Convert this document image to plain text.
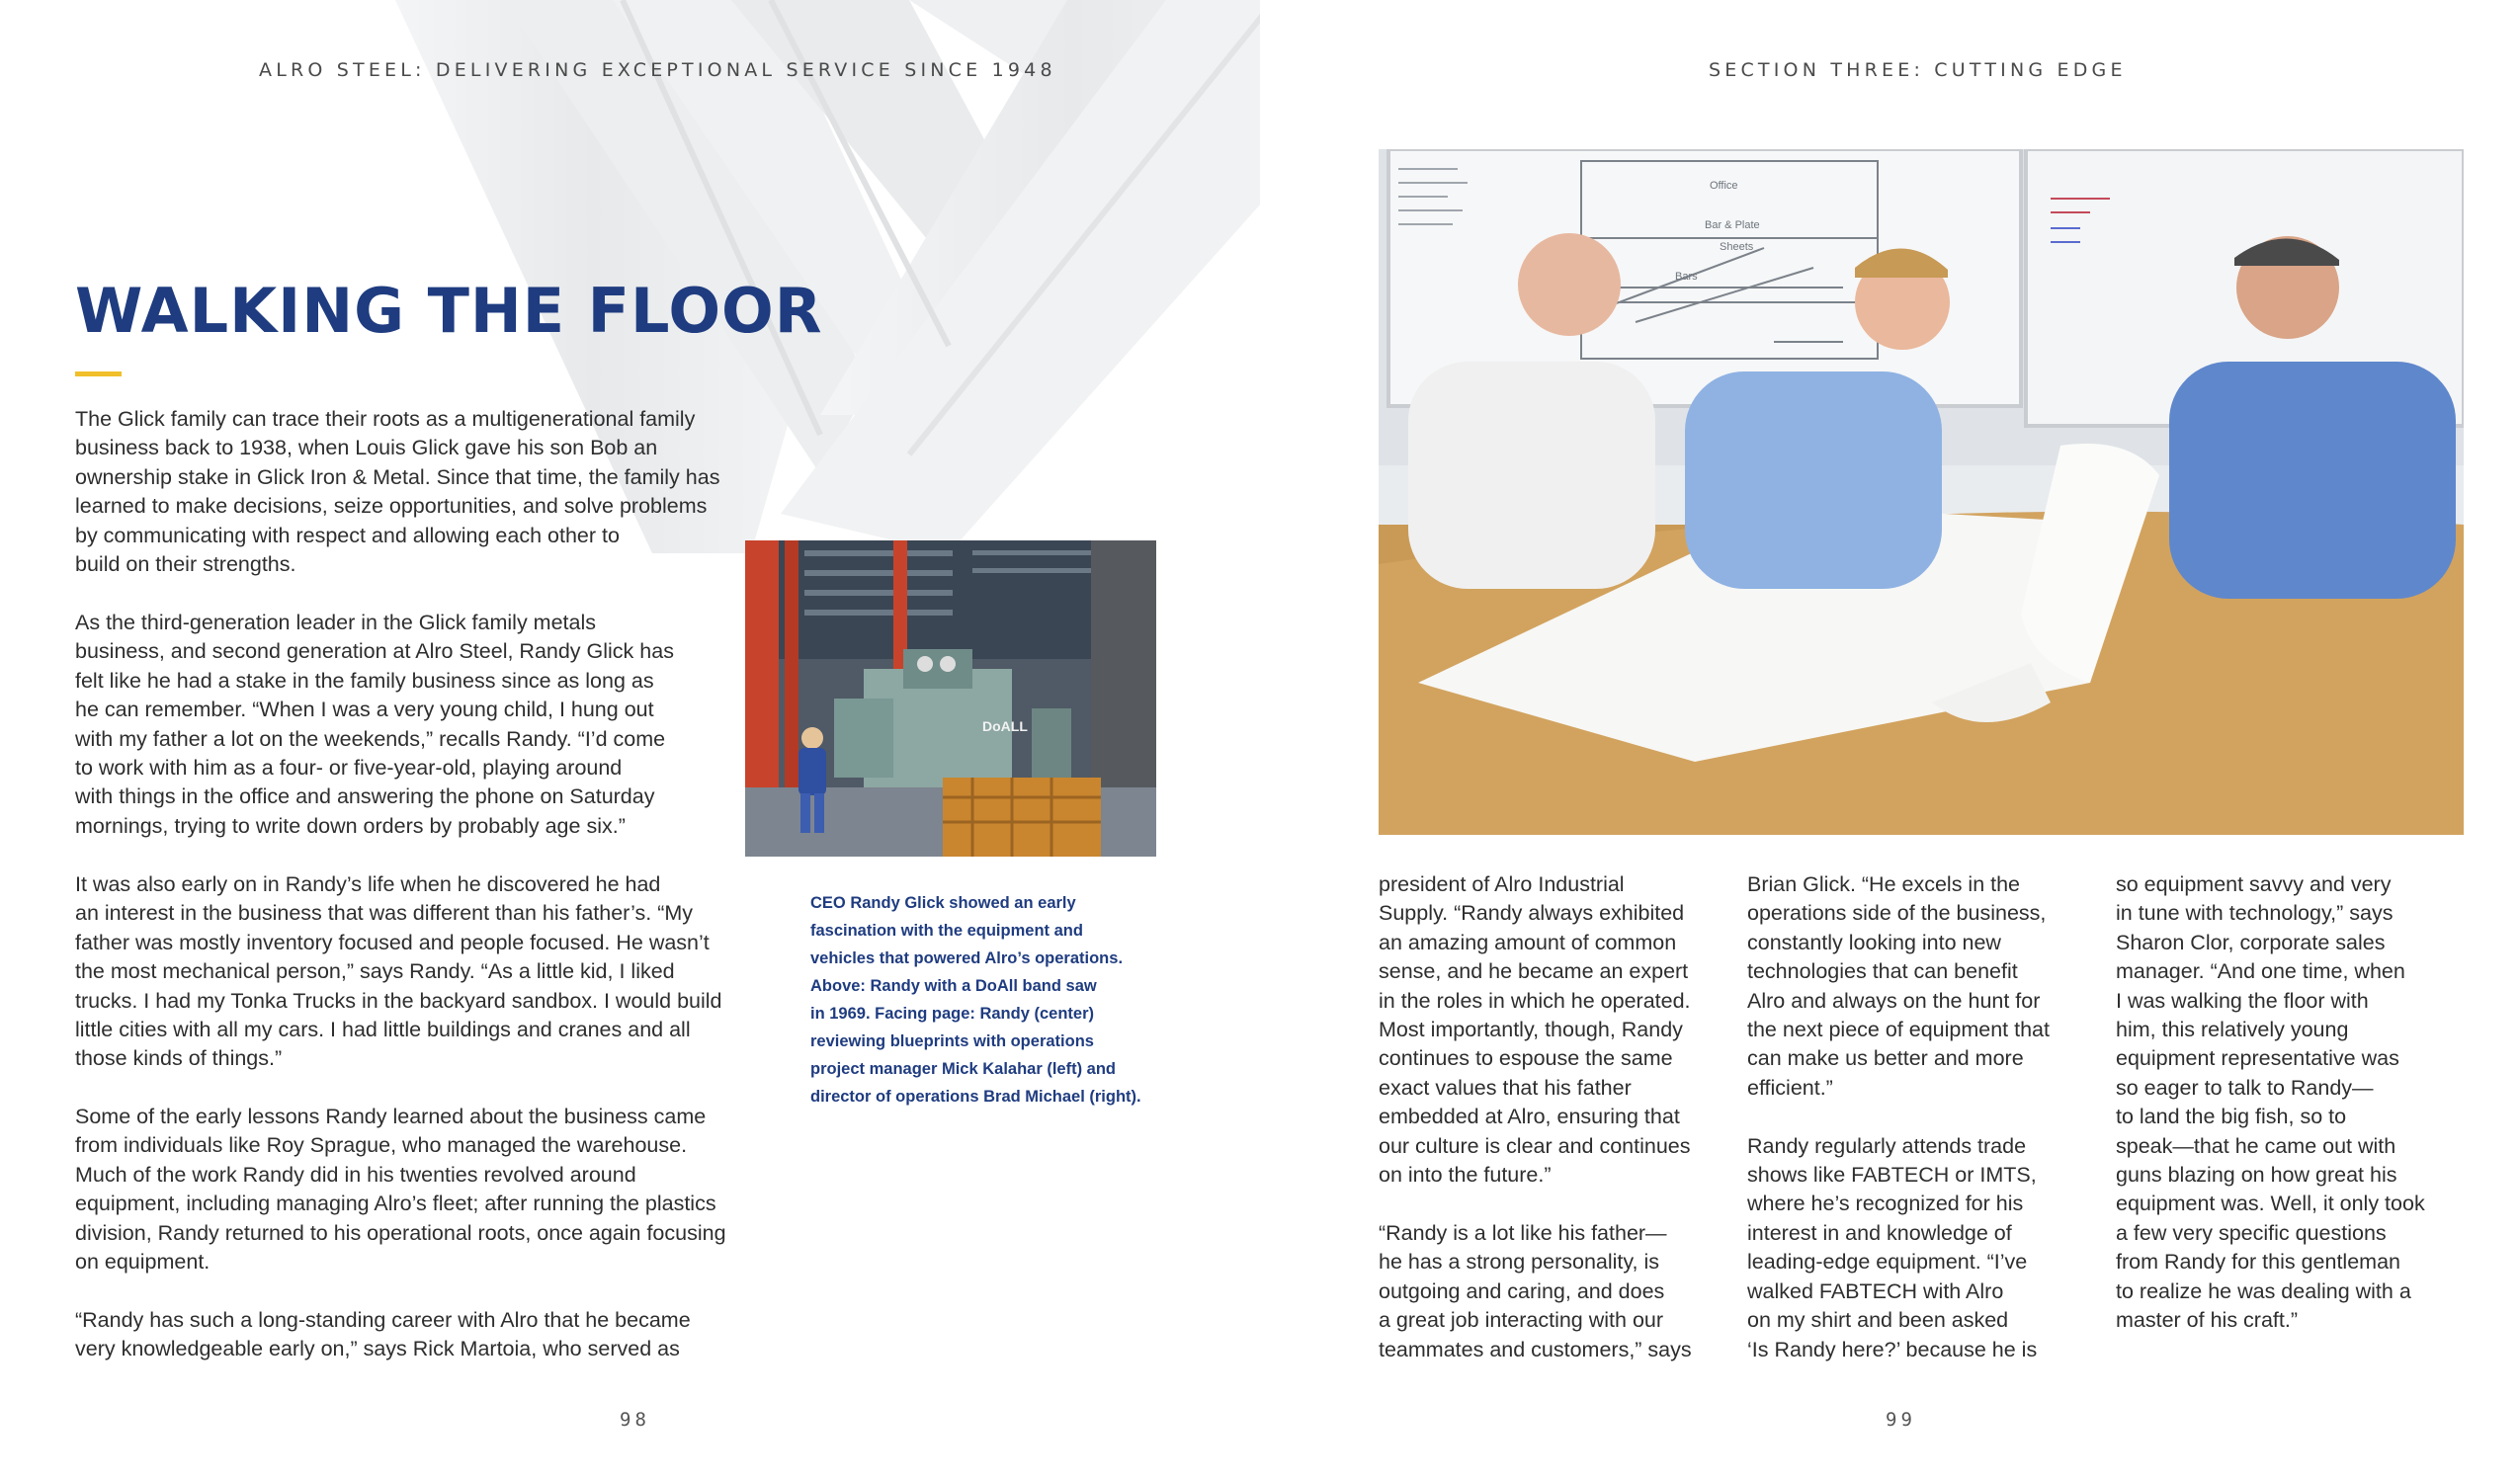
ALRO STEEL: DELIVERING EXCEPTIONAL SERVICE SINCE 1948
WALKING THE FLOOR

The Glick family can trace their roots as a multigenerational family
business back to 1938, when Louis Glick gave his son Bob an
ownership stake in Glick Iron & Metal. Since that time, the family has
learned to make decisions, seize opportunities, and solve problems
by communicating with respect and allowing each other to
build on their strengths.

As the third-generation leader in the Glick family metals
business, and second generation at Alro Steel, Randy Glick has
felt like he had a stake in the family business since as long as
he can remember. “When I was a very young child, I hung out
with my father a lot on the weekends,” recalls Randy. “I’d come
to work with him as a four- or five-year-old, playing around
with things in the office and answering the phone on Saturday
mornings, trying to write down orders by probably age six.”

It was also early on in Randy’s life when he discovered he had
an interest in the business that was different than his father’s. “My
father was mostly inventory focused and people focused. He wasn’t
the most mechanical person,” says Randy. “As a little kid, I liked
trucks. I had my Tonka Trucks in the backyard sandbox. I would build
little cities with all my cars. I had little buildings and cranes and all
those kinds of things.”

Some of the early lessons Randy learned about the business came
from individuals like Roy Sprague, who managed the warehouse.
Much of the work Randy did in his twenties revolved around
equipment, including managing Alro’s fleet; after running the plastics
division, Randy returned to his operational roots, once again focusing
on equipment.

“Randy has such a long-standing career with Alro that he became
very knowledgeable early on,” says Rick Martoia, who served as

DoALL

CEO Randy Glick showed an early
fascination with the equipment and
vehicles that powered Alro’s operations.
Above: Randy with a DoAll band saw
in 1969. Facing page: Randy (center)
reviewing blueprints with operations
project manager Mick Kalahar (left) and
director of operations Brad Michael (right).

98
SECTION THREE: CUTTING EDGE
Office
Bar & Plate
Sheets
Bars

president of Alro Industrial
Supply. “Randy always exhibited
an amazing amount of common
sense, and he became an expert
in the roles in which he operated.
Most importantly, though, Randy
continues to espouse the same
exact values that his father
embedded at Alro, ensuring that
our culture is clear and continues
on into the future.”

“Randy is a lot like his father—
he has a strong personality, is
outgoing and caring, and does
a great job interacting with our
teammates and customers,” says

Brian Glick. “He excels in the
operations side of the business,
constantly looking into new
technologies that can benefit
Alro and always on the hunt for
the next piece of equipment that
can make us better and more
efficient.”

Randy regularly attends trade
shows like FABTECH or IMTS,
where he’s recognized for his
interest in and knowledge of
leading-edge equipment. “I’ve
walked FABTECH with Alro
on my shirt and been asked
‘Is Randy here?’ because he is

so equipment savvy and very
in tune with technology,” says
Sharon Clor, corporate sales
manager. “And one time, when
I was walking the floor with
him, this relatively young
equipment representative was
so eager to talk to Randy—
to land the big fish, so to
speak—that he came out with
guns blazing on how great his
equipment was. Well, it only took
a few very specific questions
from Randy for this gentleman
to realize he was dealing with a
master of his craft.”

99
